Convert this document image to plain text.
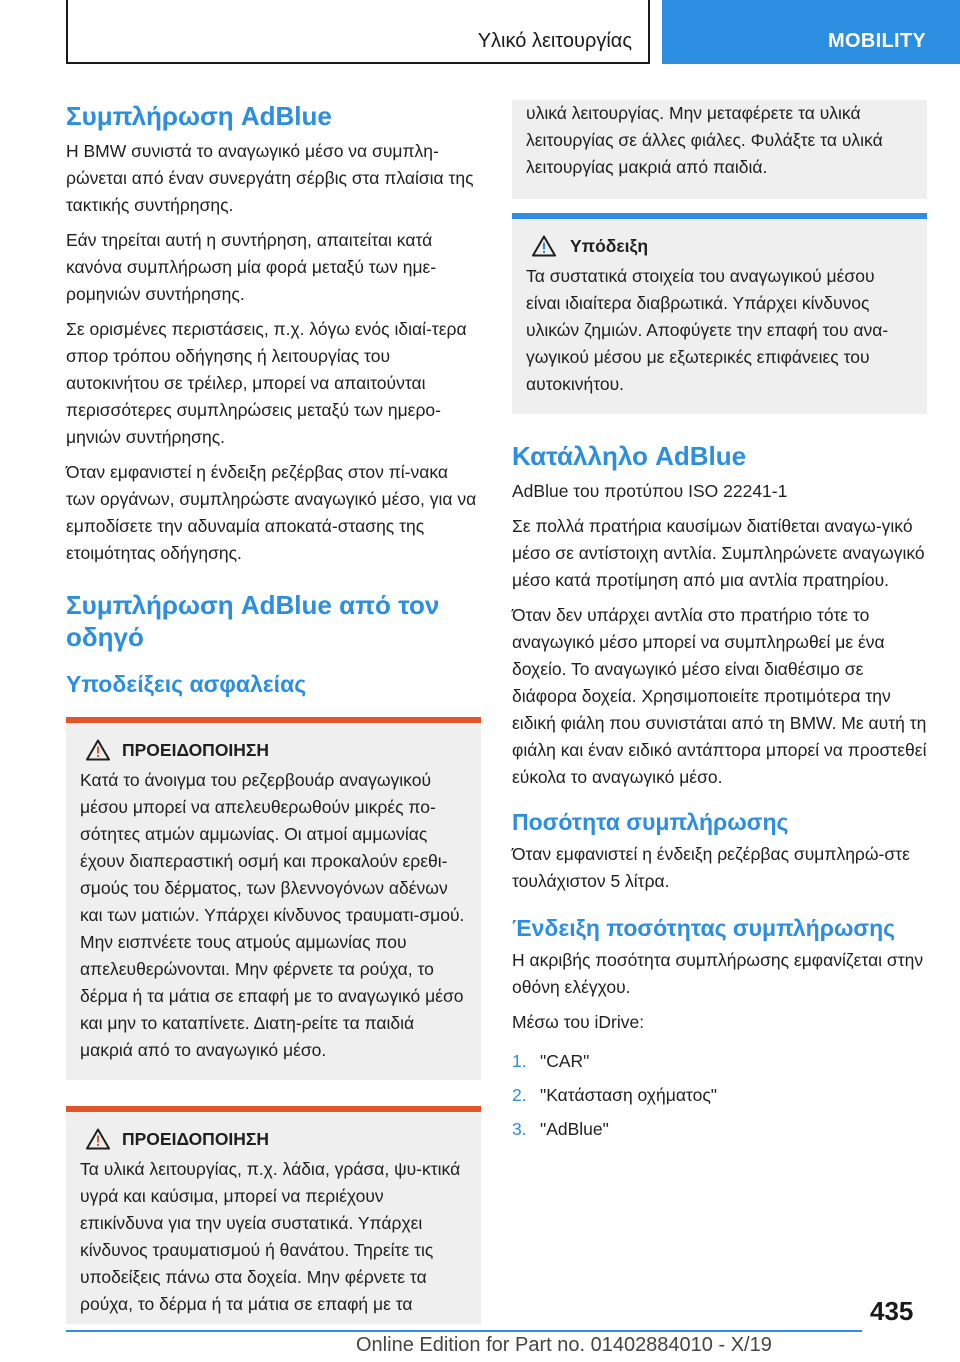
Υλικό λειτουργίας	MOBILITY
Συμπλήρωση AdBlue

Η BMW συνιστά το αναγωγικό μέσο να συμπλη-ρώνεται από έναν συνεργάτη σέρβις στα πλαίσια της τακτικής συντήρησης.

Εάν τηρείται αυτή η συντήρηση, απαιτείται κατά κανόνα συμπλήρωση μία φορά μεταξύ των ημε-ρομηνιών συντήρησης.

Σε ορισμένες περιστάσεις, π.χ. λόγω ενός ιδιαί-τερα σπορ τρόπου οδήγησης ή λειτουργίας του αυτοκινήτου σε τρέιλερ, μπορεί να απαιτούνται περισσότερες συμπληρώσεις μεταξύ των ημερο-μηνιών συντήρησης.

Όταν εμφανιστεί η ένδειξη ρεζέρβας στον πί-νακα των οργάνων, συμπληρώστε αναγωγικό μέσο, για να εμποδίσετε την αδυναμία αποκατά-στασης της ετοιμότητας οδήγησης.

Συμπλήρωση AdBlue από τον οδηγό
Υποδείξεις ασφαλείας
ΠΡΟΕΙΔΟΠΟΙΗΣΗ

Κατά το άνοιγμα του ρεζερβουάρ αναγωγικού μέσου μπορεί να απελευθερωθούν μικρές πο-σότητες ατμών αμμωνίας. Οι ατμοί αμμωνίας έχουν διαπεραστική οσμή και προκαλούν ερεθι-σμούς του δέρματος, των βλεννογόνων αδένων και των ματιών. Υπάρχει κίνδυνος τραυματι-σμού. Μην εισπνέετε τους ατμούς αμμωνίας που απελευθερώνονται. Μην φέρνετε τα ρούχα, το δέρμα ή τα μάτια σε επαφή με το αναγωγικό μέσο και μην το καταπίνετε. Διατη-ρείτε τα παιδιά μακριά από το αναγωγικό μέσο.

ΠΡΟΕΙΔΟΠΟΙΗΣΗ

Τα υλικά λειτουργίας, π.χ. λάδια, γράσα, ψυ-κτικά υγρά και καύσιμα, μπορεί να περιέχουν επικίνδυνα για την υγεία συστατικά. Υπάρχει κίνδυνος τραυματισμού ή θανάτου. Τηρείτε τις υποδείξεις πάνω στα δοχεία. Μην φέρνετε τα ρούχα, το δέρμα ή τα μάτια σε επαφή με τα

υλικά λειτουργίας. Μην μεταφέρετε τα υλικά λειτουργίας σε άλλες φιάλες. Φυλάξτε τα υλικά λειτουργίας μακριά από παιδιά.

Υπόδειξη

Τα συστατικά στοιχεία του αναγωγικού μέσου είναι ιδιαίτερα διαβρωτικά. Υπάρχει κίνδυνος υλικών ζημιών. Αποφύγετε την επαφή του ανα-γωγικού μέσου με εξωτερικές επιφάνειες του αυτοκινήτου.

Κατάλληλο AdBlue

AdBlue του προτύπου ISO 22241-1

Σε πολλά πρατήρια καυσίμων διατίθεται αναγω-γικό μέσο σε αντίστοιχη αντλία. Συμπληρώνετε αναγωγικό μέσο κατά προτίμηση από μια αντλία πρατηρίου.

Όταν δεν υπάρχει αντλία στο πρατήριο τότε το αναγωγικό μέσο μπορεί να συμπληρωθεί με ένα δοχείο. Το αναγωγικό μέσο είναι διαθέσιμο σε διάφορα δοχεία. Χρησιμοποιείτε προτιμότερα την ειδική φιάλη που συνιστάται από τη BMW. Με αυτή τη φιάλη και έναν ειδικό αντάπτορα μπορεί να προστεθεί εύκολα το αναγωγικό μέσο.

Ποσότητα συμπλήρωσης

Όταν εμφανιστεί η ένδειξη ρεζέρβας συμπληρώ-στε τουλάχιστον 5 λίτρα.

Ένδειξη ποσότητας συμπλήρωσης

Η ακριβής ποσότητα συμπλήρωσης εμφανίζεται στην οθόνη ελέγχου.

Μέσω του iDrive:

1. "CAR"
2. "Κατάσταση οχήματος"
3. "AdBlue"
435
Online Edition for Part no. 01402884010 - X/19
